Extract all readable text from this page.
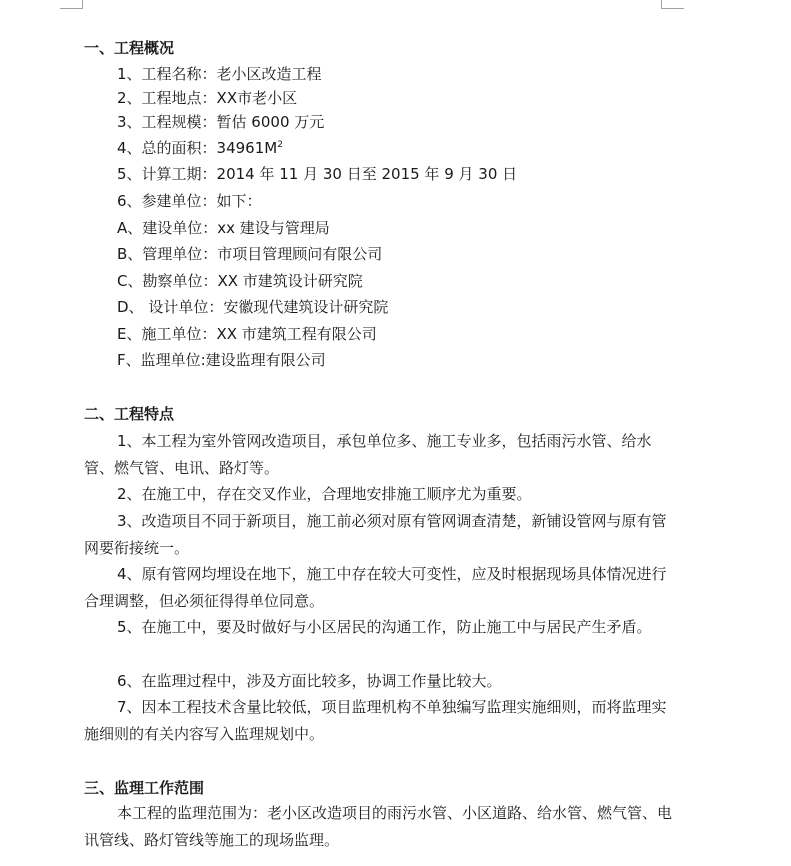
一、工程概况

1、工程名称：老小区改造工程

2、工程地点：XX市老小区

3、工程规模：暂估 6000 万元

4、总的面积：$34961M^2$

5、计算工期：2014 年 11 月 30 日至 2015 年 9 月 30 日

6、参建单位：如下：

A、建设单位：xx 建设与管理局

B、管理单位：市项目管理顾问有限公司

C、勘察单位：XX 市建筑设计研究院

D、 设计单位：安徽现代建筑设计研究院

E、施工单位：XX 市建筑工程有限公司

F、监理单位:建设监理有限公司

二、工程特点

1、本工程为室外管网改造项目，承包单位多、施工专业多，包括雨污水管、给水管、燃气管、电讯、路灯等。

2、在施工中，存在交叉作业，合理地安排施工顺序尤为重要。

3、改造项目不同于新项目，施工前必须对原有管网调查清楚，新铺设管网与原有管网要衔接统一。

4、原有管网均埋设在地下，施工中存在较大可变性，应及时根据现场具体情况进行合理调整，但必须征得得单位同意。

5、在施工中，要及时做好与小区居民的沟通工作，防止施工中与居民产生矛盾。

6、在监理过程中，涉及方面比较多，协调工作量比较大。

7、因本工程技术含量比较低，项目监理机构不单独编写监理实施细则，而将监理实施细则的有关内容写入监理规划中。

三、监理工作范围

本工程的监理范围为：老小区改造项目的雨污水管、小区道路、给水管、燃气管、电讯管线、路灯管线等施工的现场监理。
